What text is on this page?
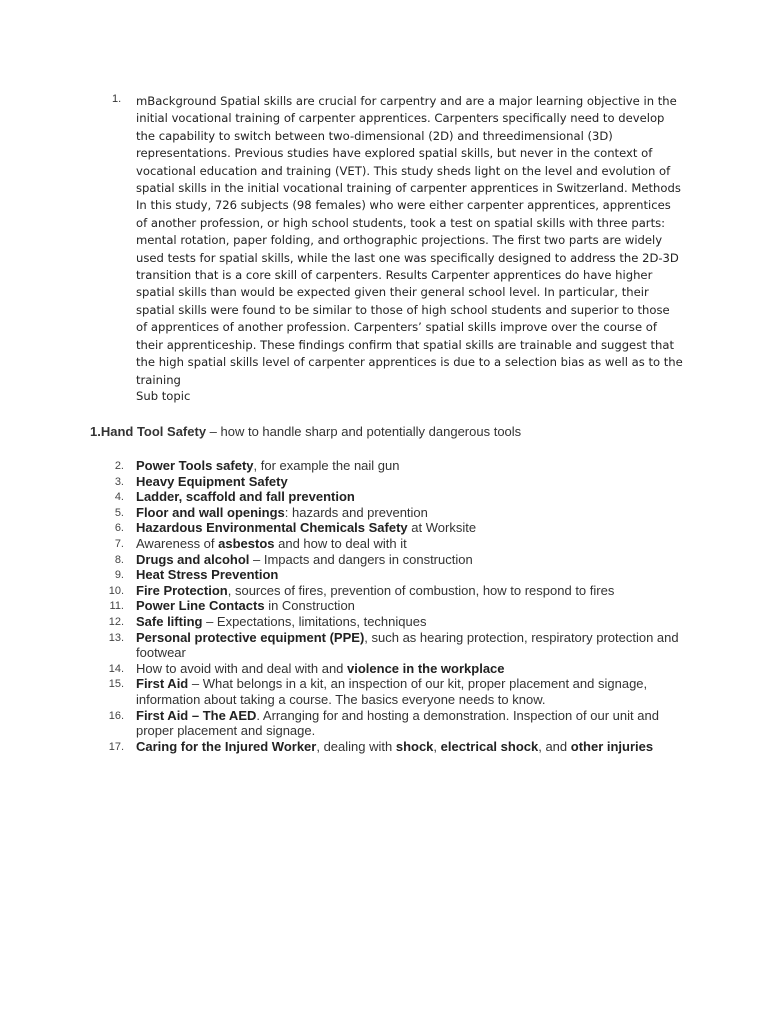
1. mBackground Spatial skills are crucial for carpentry and are a major learning objective in the initial vocational training of carpenter apprentices. Carpenters specifically need to develop the capability to switch between two-dimensional (2D) and threedimensional (3D) representations. Previous studies have explored spatial skills, but never in the context of vocational education and training (VET). This study sheds light on the level and evolution of spatial skills in the initial vocational training of carpenter apprentices in Switzerland. Methods In this study, 726 subjects (98 females) who were either carpenter apprentices, apprentices of another profession, or high school students, took a test on spatial skills with three parts: mental rotation, paper folding, and orthographic projections. The first two parts are widely used tests for spatial skills, while the last one was specifically designed to address the 2D-3D transition that is a core skill of carpenters. Results Carpenter apprentices do have higher spatial skills than would be expected given their general school level. In particular, their spatial skills were found to be similar to those of high school students and superior to those of apprentices of another profession. Carpenters’ spatial skills improve over the course of their apprenticeship. These findings confirm that spatial skills are trainable and suggest that the high spatial skills level of carpenter apprentices is due to a selection bias as well as to the training
Sub topic
1.Hand Tool Safety – how to handle sharp and potentially dangerous tools
2. Power Tools safety, for example the nail gun
3. Heavy Equipment Safety
4. Ladder, scaffold and fall prevention
5. Floor and wall openings: hazards and prevention
6. Hazardous Environmental Chemicals Safety at Worksite
7. Awareness of asbestos and how to deal with it
8. Drugs and alcohol – Impacts and dangers in construction
9. Heat Stress Prevention
10. Fire Protection, sources of fires, prevention of combustion, how to respond to fires
11. Power Line Contacts in Construction
12. Safe lifting – Expectations, limitations, techniques
13. Personal protective equipment (PPE), such as hearing protection, respiratory protection and footwear
14. How to avoid with and deal with and violence in the workplace
15. First Aid – What belongs in a kit, an inspection of our kit, proper placement and signage, information about taking a course. The basics everyone needs to know.
16. First Aid – The AED. Arranging for and hosting a demonstration. Inspection of our unit and proper placement and signage.
17. Caring for the Injured Worker, dealing with shock, electrical shock, and other injuries
